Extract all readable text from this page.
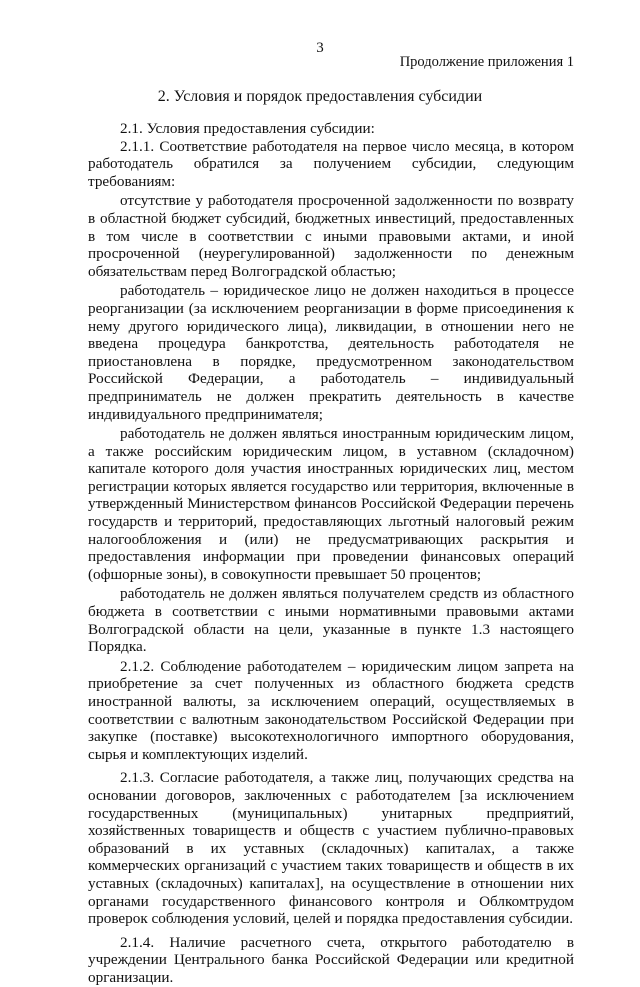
3
Продолжение приложения 1
2. Условия и порядок предоставления субсидии

2.1. Условия предоставления субсидии:

2.1.1. Соответствие работодателя на первое число месяца, в котором работодатель обратился за получением субсидии, следующим требованиям:

отсутствие у работодателя просроченной задолженности по возврату в областной бюджет субсидий, бюджетных инвестиций, предоставленных в том числе в соответствии с иными правовыми актами, и иной просроченной (неурегулированной) задолженности по денежным обязательствам перед Волгоградской областью;

работодатель – юридическое лицо не должен находиться в процессе реорганизации (за исключением реорганизации в форме присоединения к нему другого юридического лица), ликвидации, в отношении него не введена процедура банкротства, деятельность работодателя не приостановлена в порядке, предусмотренном законодательством Российской Федерации, а работодатель – индивидуальный предприниматель не должен прекратить деятельность в качестве индивидуального предпринимателя;

работодатель не должен являться иностранным юридическим лицом, а также российским юридическим лицом, в уставном (складочном) капитале которого доля участия иностранных юридических лиц, местом регистрации которых является государство или территория, включенные в утвержденный Министерством финансов Российской Федерации перечень государств и территорий, предоставляющих льготный налоговый режим налогообложения и (или) не предусматривающих раскрытия и предоставления информации при проведении финансовых операций (офшорные зоны), в совокупности превышает 50 процентов;

работодатель не должен являться получателем средств из областного бюджета в соответствии с иными нормативными правовыми актами Волгоградской области на цели, указанные в пункте 1.3 настоящего Порядка.

2.1.2. Соблюдение работодателем – юридическим лицом запрета на приобретение за счет полученных из областного бюджета средств иностранной валюты, за исключением операций, осуществляемых в соответствии с валютным законодательством Российской Федерации при закупке (поставке) высокотехнологичного импортного оборудования, сырья и комплектующих изделий.

2.1.3. Согласие работодателя, а также лиц, получающих средства на основании договоров, заключенных с работодателем [за исключением государственных (муниципальных) унитарных предприятий, хозяйственных товариществ и обществ с участием публично-правовых образований в их уставных (складочных) капиталах, а также коммерческих организаций с участием таких товариществ и обществ в их уставных (складочных) капиталах], на осуществление в отношении них органами государственного финансового контроля и Облкомтрудом проверок соблюдения условий, целей и порядка предоставления субсидии.

2.1.4. Наличие расчетного счета, открытого работодателю в учреждении Центрального банка Российской Федерации или кредитной организации.
